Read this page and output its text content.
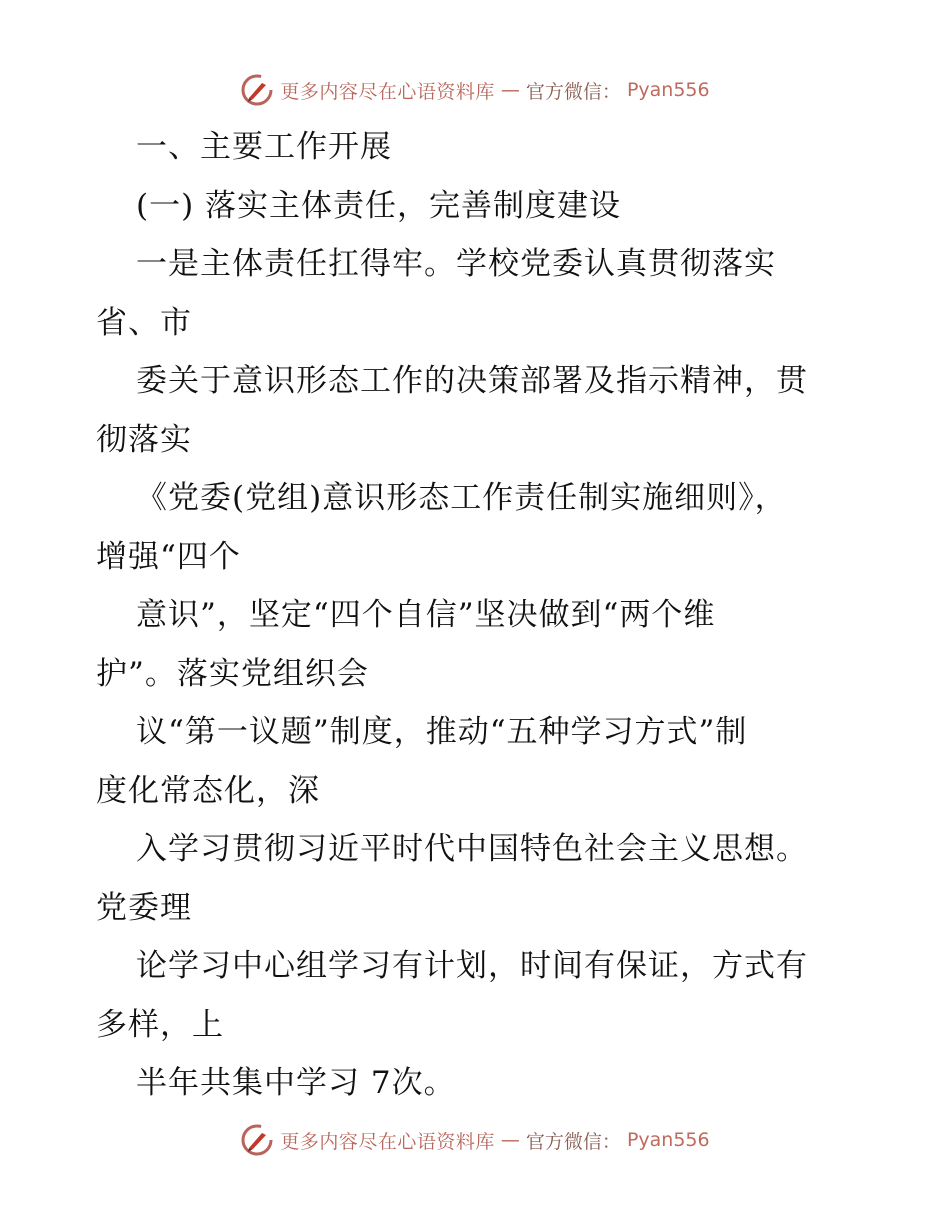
更多内容尽在心语资料库 — 官方微信： Pyan556
一、主要工作开展
(一) 落实主体责任，完善制度建设
一是主体责任扛得牢。学校党委认真贯彻落实
省、市
委关于意识形态工作的决策部署及指示精神，贯
彻落实
《党委(党组)意识形态工作责任制实施细则》，
增强“四个
意识”，坚定“四个自信”坚决做到“两个维
护”。落实党组织会
议“第一议题”制度，推动“五种学习方式”制
度化常态化，深
入学习贯彻习近平时代中国特色社会主义思想。
党委理
论学习中心组学习有计划，时间有保证，方式有
多样，上
半年共集中学习 7次。
更多内容尽在心语资料库 — 官方微信： Pyan556
